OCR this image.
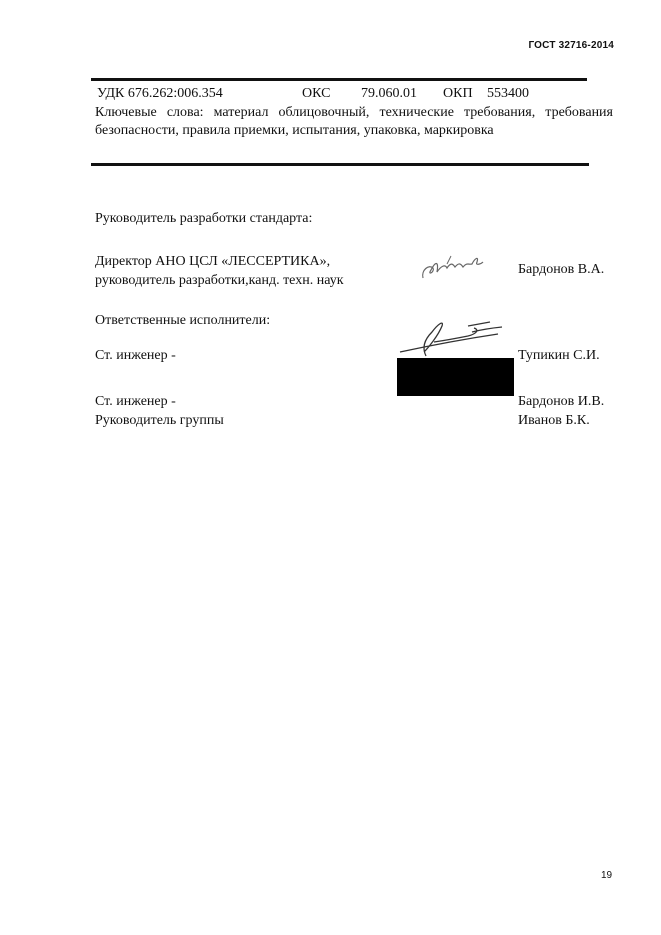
ГОСТ 32716-2014
УДК 676.262:006.354	ОКС 79.060.01 ОКП 553400
Ключевые слова: материал облицовочный, технические требования, требования безопасности, правила приемки, испытания, упаковка, маркировка
Руководитель разработки стандарта:
Директор АНО ЦСЛ «ЛЕССЕРТИКА»,
руководитель разработки,канд. техн. наук
Бардонов В.А.
Ответственные исполнители:
Ст. инженер -	Тупикин С.И.
Ст. инженер -	Бардонов И.В.
Руководитель группы	Иванов Б.К.
19
